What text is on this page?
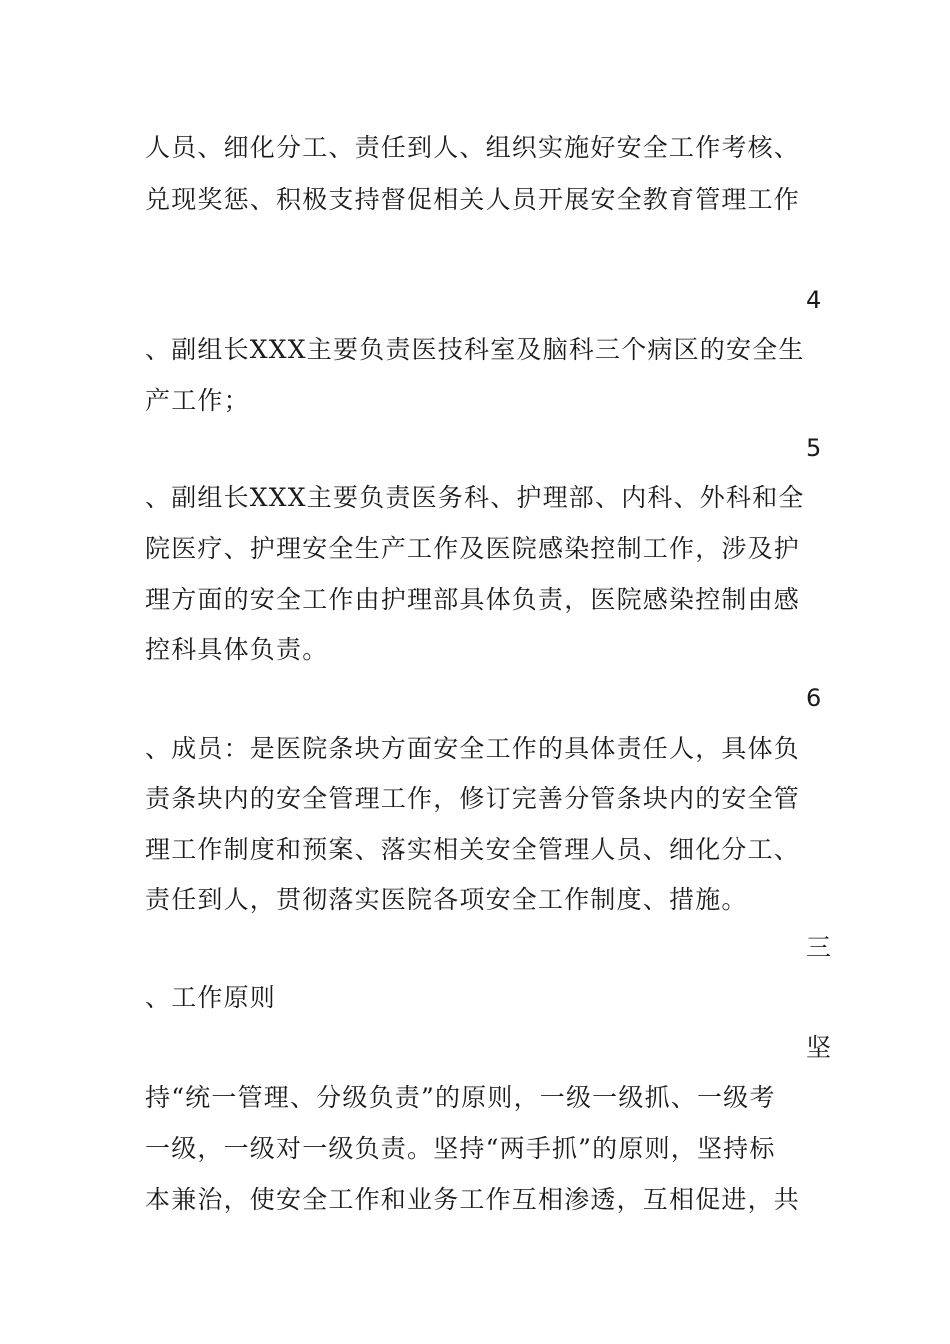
人员、细化分工、责任到人、组织实施好安全工作考核、
兑现奖惩、积极支持督促相关人员开展安全教育管理工作
4
、副组长XXX主要负责医技科室及脑科三个病区的安全生
产工作；
5
、副组长XXX主要负责医务科、护理部、内科、外科和全
院医疗、护理安全生产工作及医院感染控制工作，涉及护
理方面的安全工作由护理部具体负责，医院感染控制由感
控科具体负责。
6
、成员：是医院条块方面安全工作的具体责任人，具体负
责条块内的安全管理工作，修订完善分管条块内的安全管
理工作制度和预案、落实相关安全管理人员、细化分工、
责任到人，贯彻落实医院各项安全工作制度、措施。
三
、工作原则
坚
持“统一管理、分级负责”的原则，一级一级抓、一级考
一级，一级对一级负责。坚持“两手抓”的原则，坚持标
本兼治，使安全工作和业务工作互相渗透，互相促进，共
